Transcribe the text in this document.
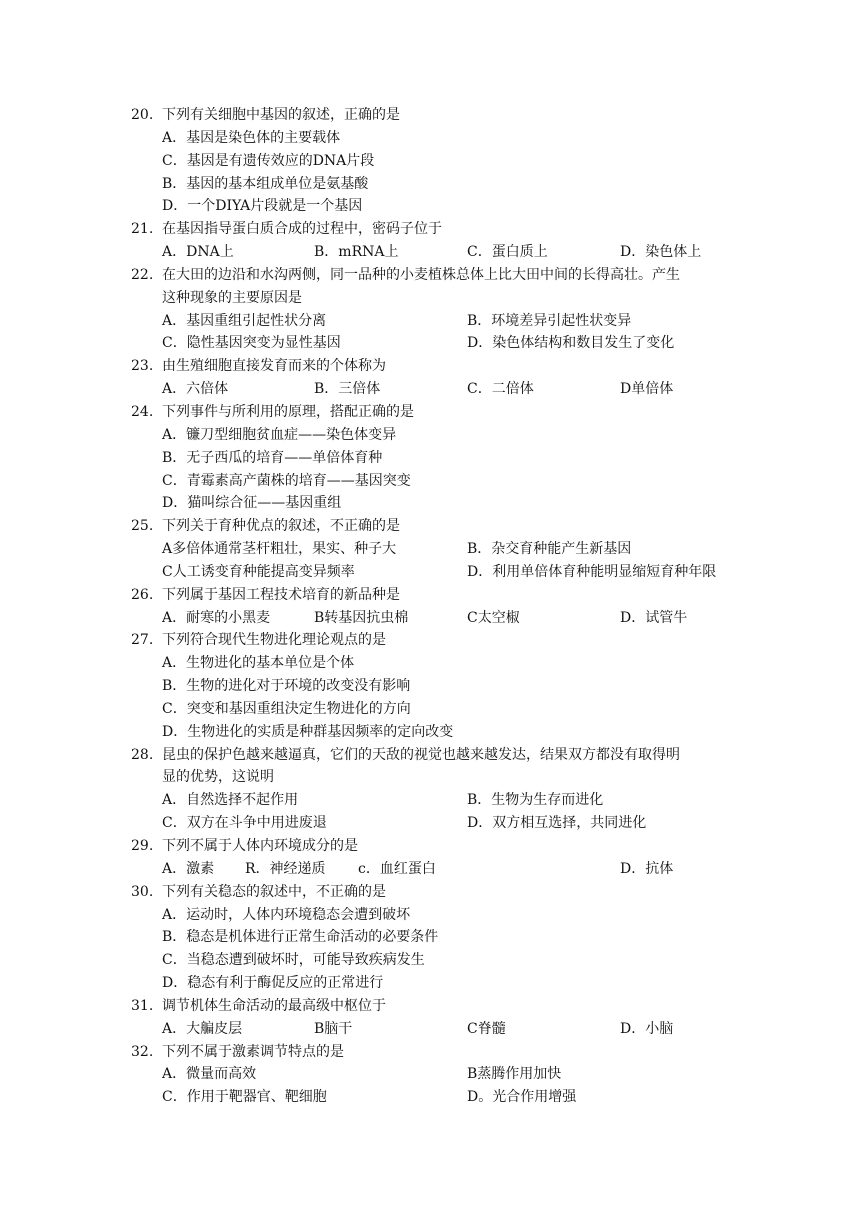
20. 下列有关细胞中基因的叙述，正确的是
A．基因是染色体的主要载体
C．基因是有遗传效应的DNA片段
B．基因的基本组成单位是氨基酸
D．一个DIYA片段就是一个基因
21. 在基因指导蛋白质合成的过程中，密码子位于
A．DNA上	B．mRNA上	C．蛋白质上	D．染色体上
22. 在大田的边沿和水沟两侧，同一品种的小麦植株总体上比大田中间的长得高壮。产生
这种现象的主要原因是
A．基因重组引起性状分离	B．环境差异引起性状变异
C．隐性基因突变为显性基因	D．染色体结构和数目发生了变化
23. 由生殖细胞直接发育而来的个体称为
A．六倍体	B．三倍体	C．二倍体	D单倍体
24. 下列事件与所利用的原理，搭配正确的是
A．镰刀型细胞贫血症——染色体变异
B．无子西瓜的培育——单倍体育种
C．青霉素高产菌株的培育——基因突变
D．猫叫综合征——基因重组
25. 下列关于育种优点的叙述，不正确的是
A多倍体通常茎杆粗壮，果实、种子大	B．杂交育种能产生新基因
C人工诱变育种能提高变异频率	D．利用单倍体育种能明显缩短育种年限
26. 下列属于基因工程技术培育的新品种是
A．耐寒的小黑麦	B转基因抗虫棉	C太空椒	D．试管牛
27. 下列符合现代生物进化理论观点的是
A．生物进化的基本单位是个体
B．生物的进化对于环境的改变没有影响
C．突变和基因重组決定生物进化的方向
D．生物进化的实质是种群基因频率的定向改变
28. 昆虫的保护色越来越逼真，它们的天敌的视觉也越来越发达，结果双方都没有取得明
显的优势，这说明
A．自然选择不起作用	B．生物为生存而进化
C．双方在斗争中用进废退	D．双方相互选择，共同进化
29. 下列不属于人体内环境成分的是
A．激素 R．神经递质 c．血红蛋白	D．抗体
30. 下列有关稳态的叙述中，不正确的是
A．运动时，人体内环境稳态会遭到破坏
B．稳态是机体进行正常生命活动的必要条件
C．当稳态遭到破坏时，可能导致疾病发生
D．稳态有利于酶促反应的正常进行
31. 调节机体生命活动的最高级中枢位于
A．大艑皮层	B脑干	C脊髓	D．小脑
32. 下列不属于激素调节特点的是
A．微量而高效	B蒸腾作用加快
C．作用于靶器官、靶细胞	D。光合作用增强
